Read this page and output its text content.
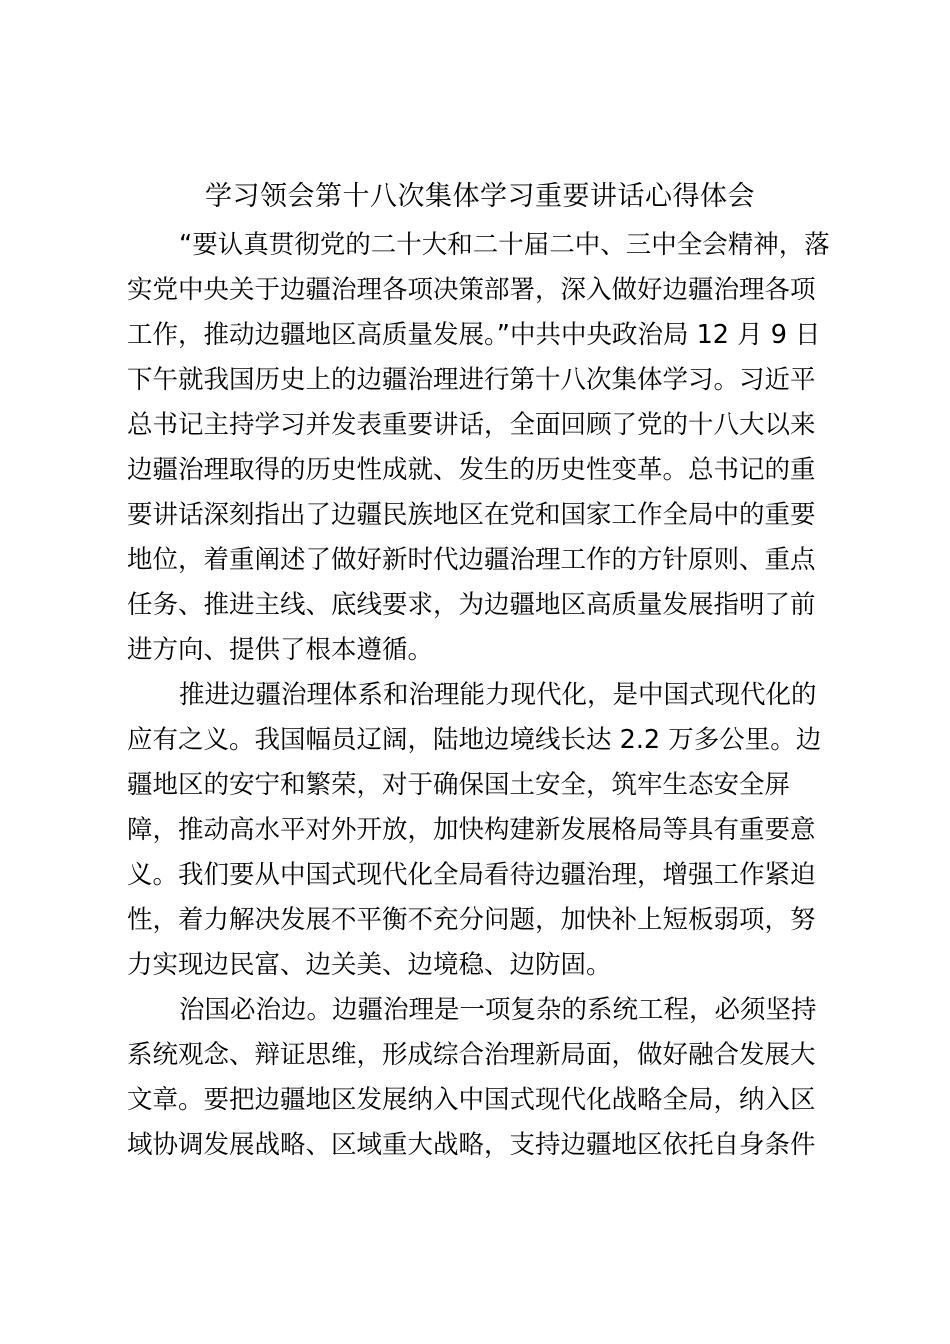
学习领会第十八次集体学习重要讲话心得体会
“要认真贯彻党的二十大和二十届二中、三中全会精神，落
实党中央关于边疆治理各项决策部署，深入做好边疆治理各项
工作，推动边疆地区高质量发展。”中共中央政治局 12 月 9 日
下午就我国历史上的边疆治理进行第十八次集体学习。习近平
总书记主持学习并发表重要讲话，全面回顾了党的十八大以来
边疆治理取得的历史性成就、发生的历史性变革。总书记的重
要讲话深刻指出了边疆民族地区在党和国家工作全局中的重要
地位，着重阐述了做好新时代边疆治理工作的方针原则、重点
任务、推进主线、底线要求，为边疆地区高质量发展指明了前
进方向、提供了根本遵循。
推进边疆治理体系和治理能力现代化，是中国式现代化的
应有之义。我国幅员辽阔，陆地边境线长达 2.2 万多公里。边
疆地区的安宁和繁荣，对于确保国土安全，筑牢生态安全屏
障，推动高水平对外开放，加快构建新发展格局等具有重要意
义。我们要从中国式现代化全局看待边疆治理，增强工作紧迫
性，着力解决发展不平衡不充分问题，加快补上短板弱项，努
力实现边民富、边关美、边境稳、边防固。
治国必治边。边疆治理是一项复杂的系统工程，必须坚持
系统观念、辩证思维，形成综合治理新局面，做好融合发展大
文章。要把边疆地区发展纳入中国式现代化战略全局，纳入区
域协调发展战略、区域重大战略，支持边疆地区依托自身条件
